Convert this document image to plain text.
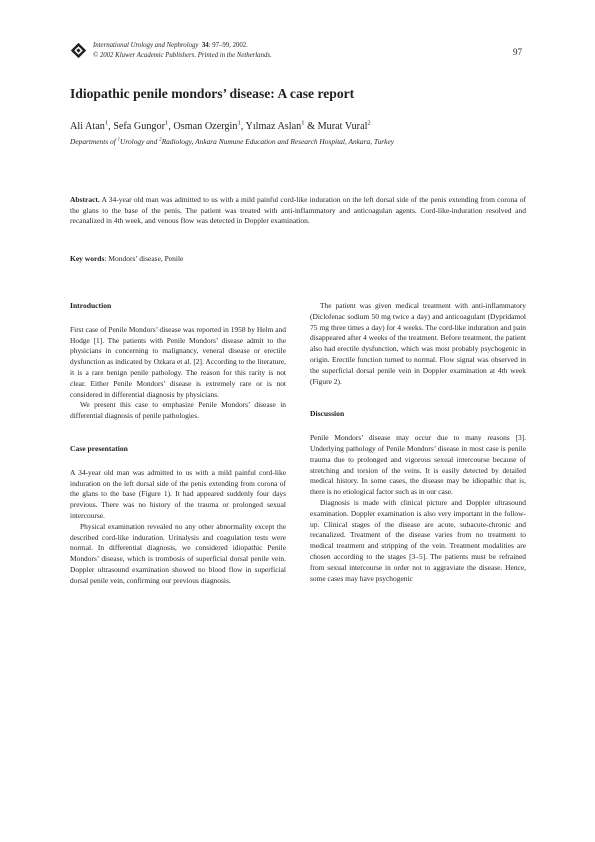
International Urology and Nephrology 34: 97–99, 2002.
© 2002 Kluwer Academic Publishers. Printed in the Netherlands.	97
Idiopathic penile mondors’ disease: A case report
Ali Atan$^1$, Sefa Gungor$^1$, Osman Ozergin$^1$, Yılmaz Aslan$^1$ & Murat Vural$^2$
Departments of $^1$Urology and $^2$Radiology, Ankara Numune Education and Research Hospital, Ankara, Turkey
Abstract. A 34-year old man was admitted to us with a mild painful cord-like induration on the left dorsal side of the penis extending from corona of the glans to the base of the penis. The patient was treated with anti-inflammatory and anticoagulan agents. Cord-like-induration resolved and recanalized in 4th week, and venous flow was detected in Doppler examination.
Key words: Mondors’ disease, Penile
Introduction

First case of Penile Mondors’ disease was reported in 1958 by Helm and Hodge [1]. The patients with Penile Mondors’ disease admit to the physicians in concerning to malignancy, veneral disease or erectile dysfunction as indicated by Ozkara et al. [2]. According to the literature, it is a rare benign penile pathology. The reason for this rarity is not clear. Either Penile Mondors’ disease is extremely rare or is not considered in differential diagnosis by physicians.

We present this case to emphasize Penile Mondors’ disease in differential diagnosis of penile pathologies.

Case presentation

A 34-year old man was admitted to us with a mild painful cord-like induration on the left dorsal side of the penis extending from corona of the glans to the base (Figure 1). It had appeared suddenly four days previous. There was no history of the trauma or prolonged sexual intercourse.

Physical examination revealed no any other abnormality except the described cord-like induration. Urinalysis and coagulation tests were normal. In differential diagnosis, we considered idiopathic Penile Mondors’ disease, which is trombosis of superficial dorsal penile vein. Doppler ultrasound examination showed no blood flow in superficial dorsal penile vein, confirming our previous diagnosis.

The patient was given medical treatment with anti-inflammatory (Diclofenac sodium 50 mg twice a day) and anticoagulant (Dypridamol 75 mg three times a day) for 4 weeks. The cord-like induration and pain disappeared after 4 weeks of the treatment. Before treatment, the patient also had erectile dysfunction, which was most probably psychogenic in origin. Erectile function turned to normal. Flow signal was observed in the superficial dorsal penile vein in Doppler examination at 4th week (Figure 2).

Discussion

Penile Mondors’ disease may occur due to many reasons [3]. Underlying pathology of Penile Mondors’ disease in most case is penile trauma due to prolonged and vigorous sexual intercourse because of stretching and torsion of the veins. It is easily detected by detailed medical history. In some cases, the disease may be idiopathic that is, there is no etiological factor such as in our case.

Diagnosis is made with clinical picture and Doppler ultrasound examination. Doppler examination is also very important in the follow-up. Clinical stages of the disease are acute, subacute-chronic and recanalized. Treatment of the disease varies from no treatment to medical treatment and stripping of the vein. Treatment modalities are chosen according to the stages [3–5]. The patients must be refrained from sexual intercourse in order not to aggraviate the disease. Hence, some cases may have psychogenic
